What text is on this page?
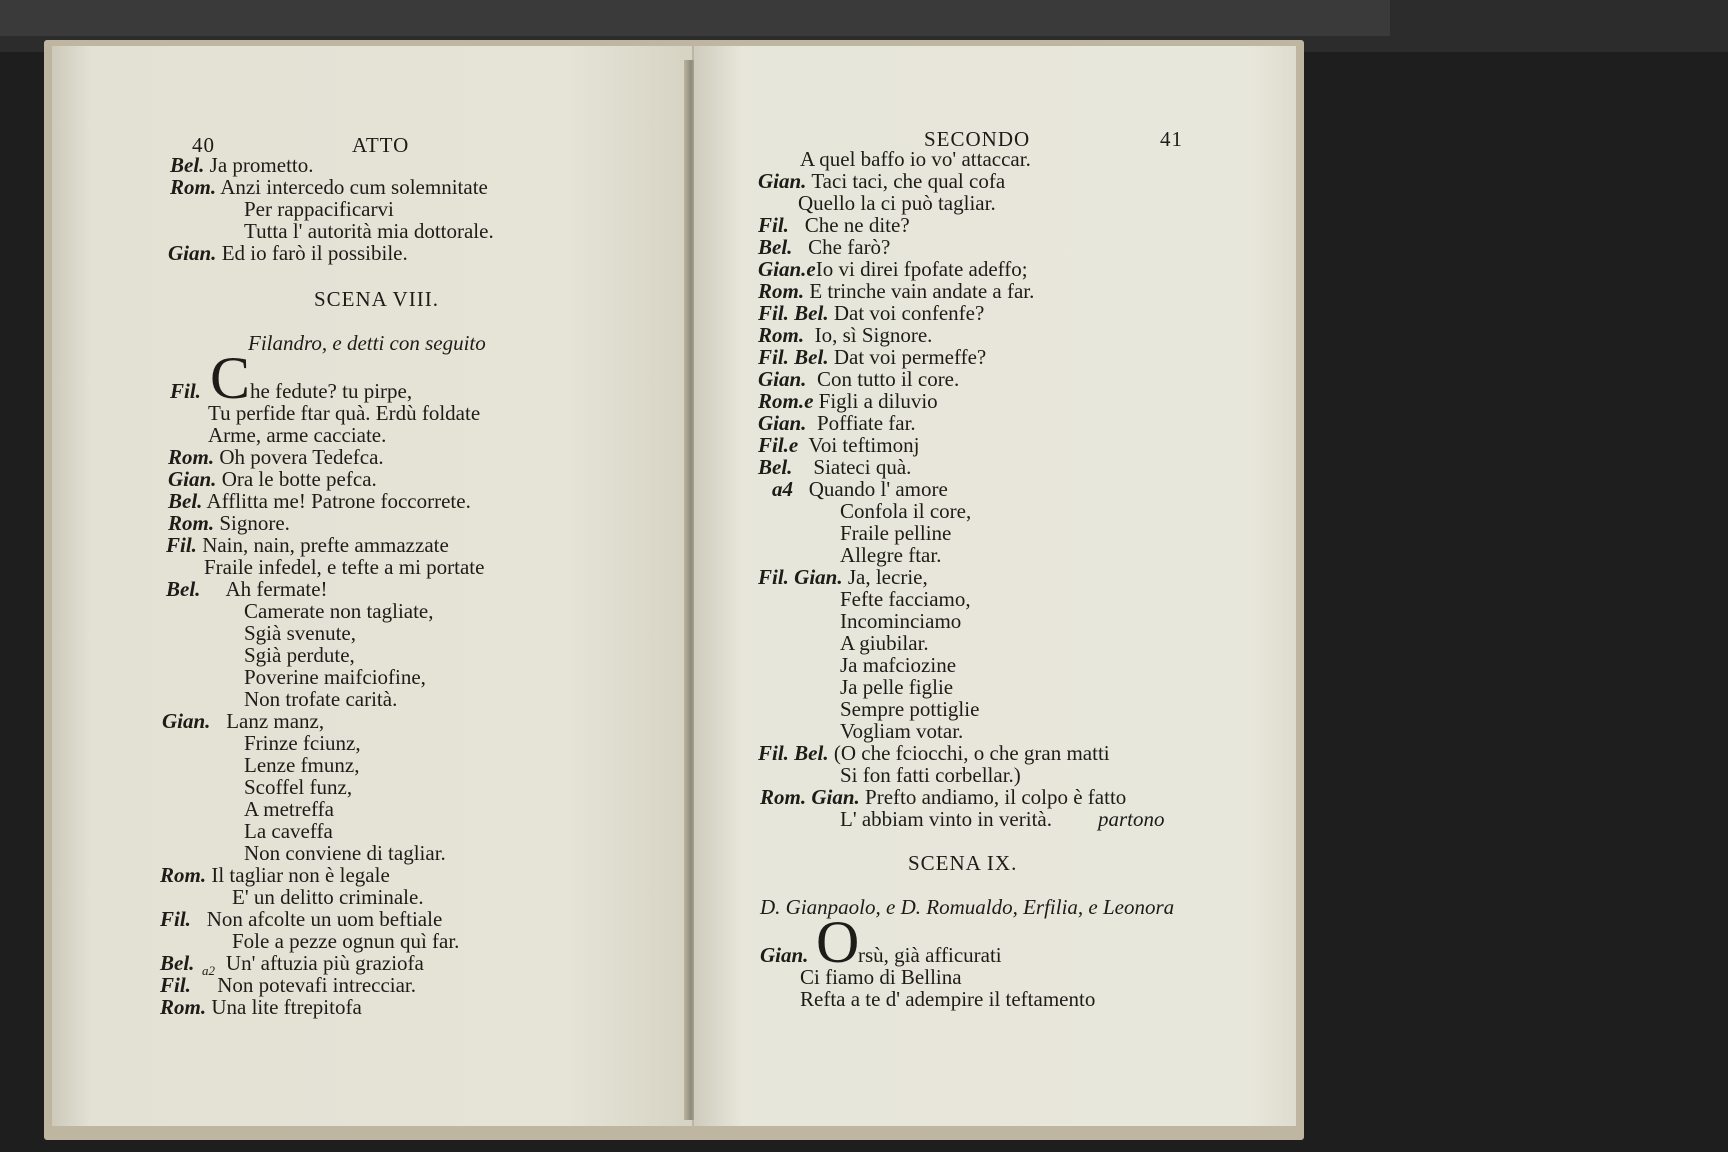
40	ATTO
Bel. Ja prometto.
Rom. Anzi intercedo cum solemnitate
Per rappacificarvi
Tutta l' autorità mia dottorale.
Gian. Ed io farò il possibile.
SCENA VIII.
Filandro, e detti con seguito
Fil. C he fedute? tu pirpe,
Tu perfide ftar quà. Erdù foldate
Arme, arme cacciate.
Rom. Oh povera Tedefca.
Gian. Ora le botte pefca.
Bel. Afflitta me! Patrone foccorrete.
Rom. Signore.
Fil. Nain, nain, prefte ammazzate
Fraile infedel, e tefte a mi portate
Bel. Ah fermate!
Camerate non tagliate,
Sgià svenute,
Sgià perdute,
Poverine maifciofine,
Non trofate carità.
Gian. Lanz manz,
Frinze fciunz,
Lenze fmunz,
Scoffel funz,
A metreffa
La caveffa
Non conviene di tagliar.
Rom. Il tagliar non è legale
E' un delitto criminale.
Fil. Non afcolte un uom beftiale
Fole a pezze ognun quì far.
Bel. Un' aftuzia più graziofa
Fil. Non potevafi intrecciar.
Rom. Una lite ftrepitofa
a2
SECONDO	41
A quel baffo io vo' attaccar.
Gian. Taci taci, che qual cofa
Quello la ci può tagliar.
Fil. Che ne dite?
Bel. Che farò?
Gian.eIo vi direi fpofate adeffo;
Rom. E trinche vain andate a far.
Fil. Bel. Dat voi confenfe?
Rom. Io, sì Signore.
Fil. Bel. Dat voi permeffe?
Gian. Con tutto il core.
Rom.e Figli a diluvio
Gian. Poffiate far.
Fil.e Voi teftimonj
Bel. Siateci quà.
a4 Quando l' amore
Confola il core,
Fraile pelline
Allegre ftar.
Fil. Gian. Ja, lecrie,
Fefte facciamo,
Incominciamo
A giubilar.
Ja mafciozine
Ja pelle figlie
Sempre pottiglie
Vogliam votar.
Fil. Bel. (O che fciocchi, o che gran matti
Si fon fatti corbellar.)
Rom. Gian. Prefto andiamo, il colpo è fatto
L' abbiam vinto in verità. partono
SCENA IX.
D. Gianpaolo, e D. Romualdo, Erfilia, e Leonora
Gian. O
rsù, già afficurati
Ci fiamo di Bellina
Refta a te d' adempire il teftamento
